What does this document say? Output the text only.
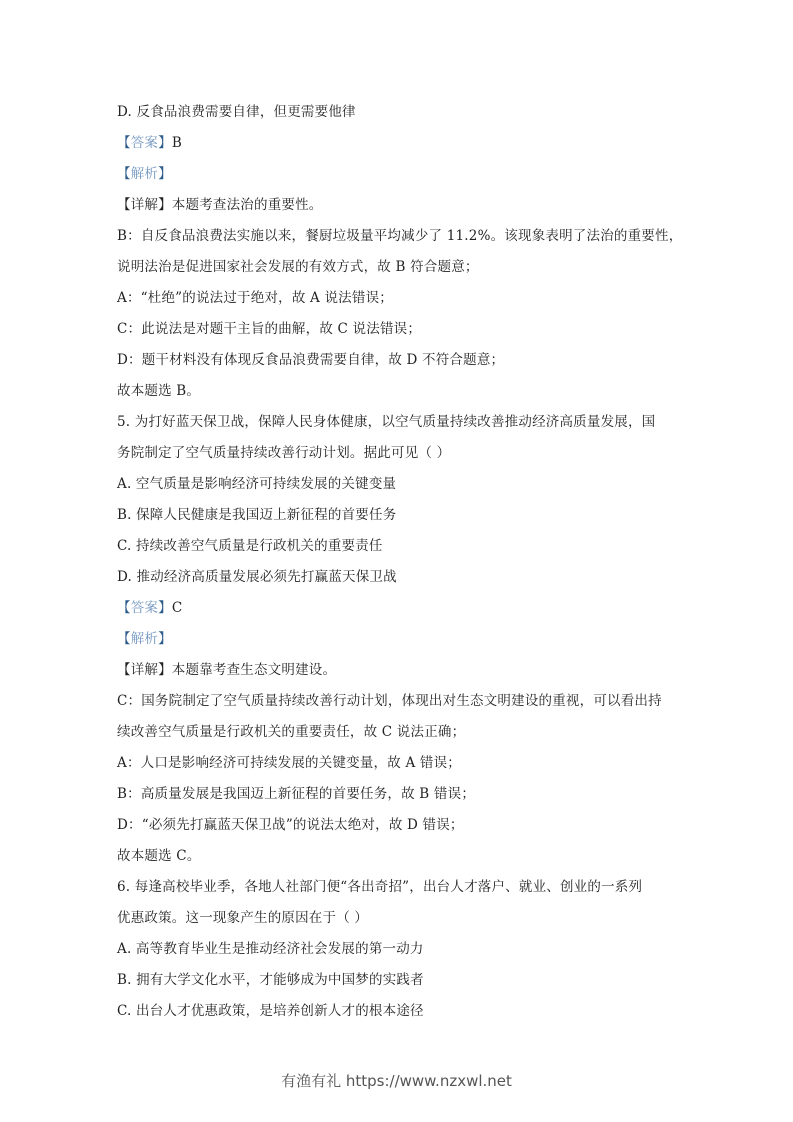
D. 反食品浪费需要自律，但更需要他律
【答案】B
【解析】
【详解】本题考查法治的重要性。
B：自反食品浪费法实施以来，餐厨垃圾量平均减少了 11.2%。该现象表明了法治的重要性，
说明法治是促进国家社会发展的有效方式，故 B 符合题意；
A：“杜绝”的说法过于绝对，故 A 说法错误；
C：此说法是对题干主旨的曲解，故 C 说法错误；
D：题干材料没有体现反食品浪费需要自律，故 D 不符合题意；
故本题选 B。
5. 为打好蓝天保卫战，保障人民身体健康，以空气质量持续改善推动经济高质量发展，国
务院制定了空气质量持续改善行动计划。据此可见（ ）
A. 空气质量是影响经济可持续发展的关键变量
B. 保障人民健康是我国迈上新征程的首要任务
C. 持续改善空气质量是行政机关的重要责任
D. 推动经济高质量发展必须先打赢蓝天保卫战
【答案】C
【解析】
【详解】本题靠考查生态文明建设。
C：国务院制定了空气质量持续改善行动计划，体现出对生态文明建设的重视，可以看出持
续改善空气质量是行政机关的重要责任，故 C 说法正确；
A：人口是影响经济可持续发展的关键变量，故 A 错误；
B：高质量发展是我国迈上新征程的首要任务，故 B 错误；
D：“必须先打赢蓝天保卫战”的说法太绝对，故 D 错误；
故本题选 C。
6. 每逢高校毕业季，各地人社部门便“各出奇招”，出台人才落户、就业、创业的一系列
优惠政策。这一现象产生的原因在于（ ）
A. 高等教育毕业生是推动经济社会发展的第一动力
B. 拥有大学文化水平，才能够成为中国梦的实践者
C. 出台人才优惠政策，是培养创新人才的根本途径
有渔有礼 https://www.nzxwl.net
